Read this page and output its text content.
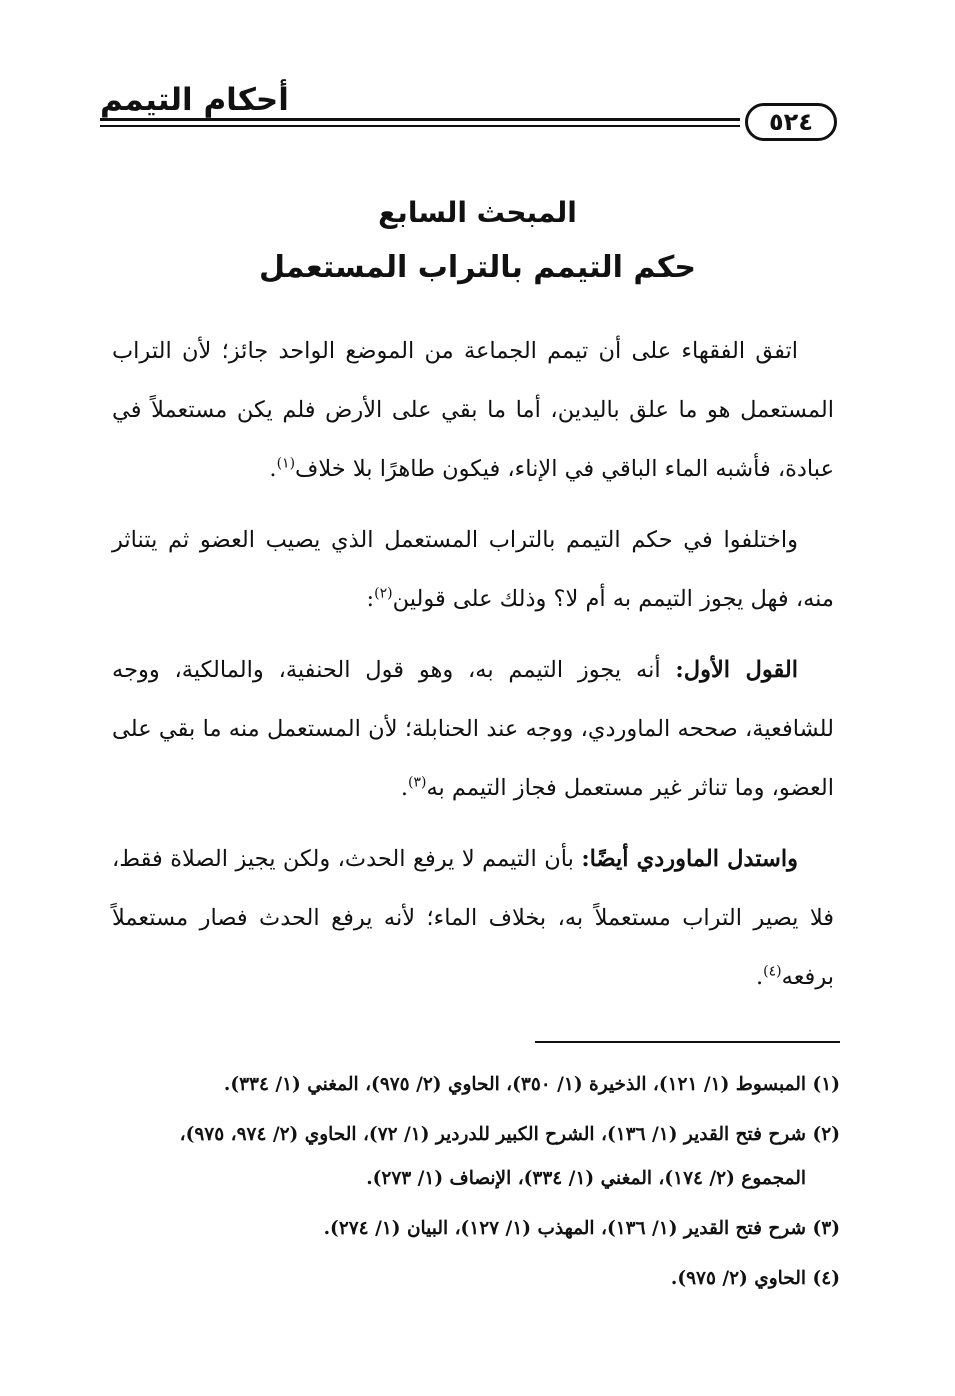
أحكام التيمم
٥٢٤
المبحث السابع
حكم التيمم بالتراب المستعمل

اتفق الفقهاء على أن تيمم الجماعة من الموضع الواحد جائز؛ لأن التراب المستعمل هو ما علق باليدين، أما ما بقي على الأرض فلم يكن مستعملاً في عبادة، فأشبه الماء الباقي في الإناء، فيكون طاهرًا بلا خلاف$^{(١)}$.

واختلفوا في حكم التيمم بالتراب المستعمل الذي يصيب العضو ثم يتناثر منه، فهل يجوز التيمم به أم لا؟ وذلك على قولين$^{(٢)}$:

القول الأول: أنه يجوز التيمم به، وهو قول الحنفية، والمالكية، ووجه للشافعية، صححه الماوردي، ووجه عند الحنابلة؛ لأن المستعمل منه ما بقي على العضو، وما تناثر غير مستعمل فجاز التيمم به$^{(٣)}$.

واستدل الماوردي أيضًا: بأن التيمم لا يرفع الحدث، ولكن يجيز الصلاة فقط، فلا يصير التراب مستعملاً به، بخلاف الماء؛ لأنه يرفع الحدث فصار مستعملاً برفعه$^{(٤)}$.

(١)
المبسوط (١/ ١٢١)، الذخيرة (١/ ٣٥٠)، الحاوي (٢/ ٩٧٥)، المغني (١/ ٣٣٤).
(٢)
شرح فتح القدير (١/ ١٣٦)، الشرح الكبير للدردير (١/ ٧٢)، الحاوي (٢/ ٩٧٤، ٩٧٥)، المجموع (٢/ ١٧٤)، المغني (١/ ٣٣٤)، الإنصاف (١/ ٢٧٣).
(٣)
شرح فتح القدير (١/ ١٣٦)، المهذب (١/ ١٢٧)، البيان (١/ ٢٧٤).
(٤)
الحاوي (٢/ ٩٧٥).
